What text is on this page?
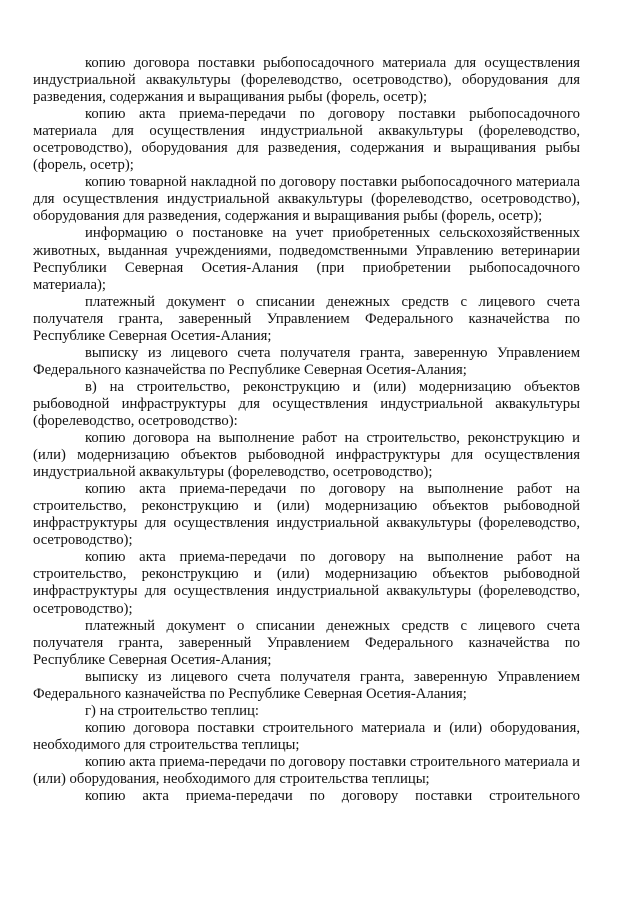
копию договора поставки рыбопосадочного материала для осуществления индустриальной аквакультуры (форелеводство, осетроводство), оборудования для разведения, содержания и выращивания рыбы (форель, осетр);

копию акта приема-передачи по договору поставки рыбопосадочного материала для осуществления индустриальной аквакультуры (форелеводство, осетроводство), оборудования для разведения, содержания и выращивания рыбы (форель, осетр);

копию товарной накладной по договору поставки рыбопосадочного материала для осуществления индустриальной аквакультуры (форелеводство, осетроводство), оборудования для разведения, содержания и выращивания рыбы (форель, осетр);

информацию о постановке на учет приобретенных сельскохозяйственных животных, выданная учреждениями, подведомственными Управлению ветеринарии Республики Северная Осетия-Алания (при приобретении рыбопосадочного материала);

платежный документ о списании денежных средств с лицевого счета получателя гранта, заверенный Управлением Федерального казначейства по Республике Северная Осетия-Алания;

выписку из лицевого счета получателя гранта, заверенную Управлением Федерального казначейства по Республике Северная Осетия-Алания;

в) на строительство, реконструкцию и (или) модернизацию объектов рыбоводной инфраструктуры для осуществления индустриальной аквакультуры (форелеводство, осетроводство):

копию договора на выполнение работ на строительство, реконструкцию и (или) модернизацию объектов рыбоводной инфраструктуры для осуществления индустриальной аквакультуры (форелеводство, осетроводство);

копию акта приема-передачи по договору на выполнение работ на строительство, реконструкцию и (или) модернизацию объектов рыбоводной инфраструктуры для осуществления индустриальной аквакультуры (форелеводство, осетроводство);

копию акта приема-передачи по договору на выполнение работ на строительство, реконструкцию и (или) модернизацию объектов рыбоводной инфраструктуры для осуществления индустриальной аквакультуры (форелеводство, осетроводство);

платежный документ о списании денежных средств с лицевого счета получателя гранта, заверенный Управлением Федерального казначейства по Республике Северная Осетия-Алания;

выписку из лицевого счета получателя гранта, заверенную Управлением Федерального казначейства по Республике Северная Осетия-Алания;

г) на строительство теплиц:

копию договора поставки строительного материала и (или) оборудования, необходимого для строительства теплицы;

копию акта приема-передачи по договору поставки строительного материала и (или) оборудования, необходимого для строительства теплицы;

копию акта приема-передачи по договору поставки строительного
